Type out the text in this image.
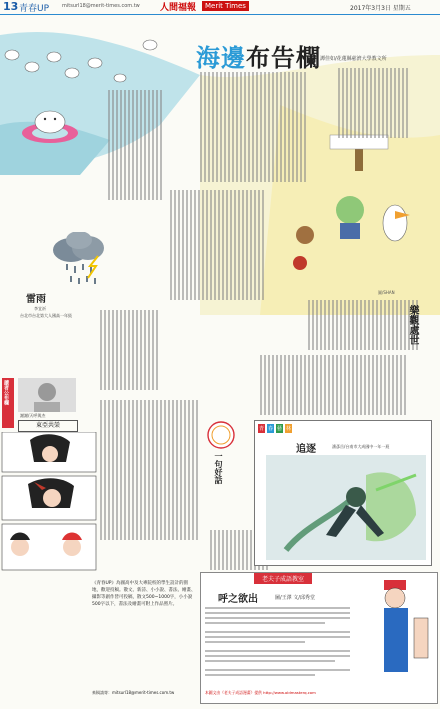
13 青春UP	mitsurl18@merit-times.com.tw 人間福報	Merit Times	2017年3月3日 星期五
海邊布告欄 譚佳如/花蓮縣慈濟大學教文所
圖/SHAN
雷雨
李宜祈
台北市台北第大人國高一年級	樂觀處世
讀者公布欄
謝謝/天呼與杰
東亞共榮
一句好話
青 春 藝 林
追逐	潘彥岳/台南市大成國中一年一班
老夫子成語教室
呼之欲出	圖/王澤 文/邱秀堂
本圖文由《老夫子成語漫畫》提供 http://www.oldmasterq.com
《青春UP》為國高中及大專院校的學生設計的園地，歡迎投稿。散文、新詩、小小說、書法、繪畫、攝影等創作皆可投稿，散文500~1000字，小小說500字以下，書法及繪畫可附上作品照片。
來稿請寄：mitsurl18@merit-times.com.tw
